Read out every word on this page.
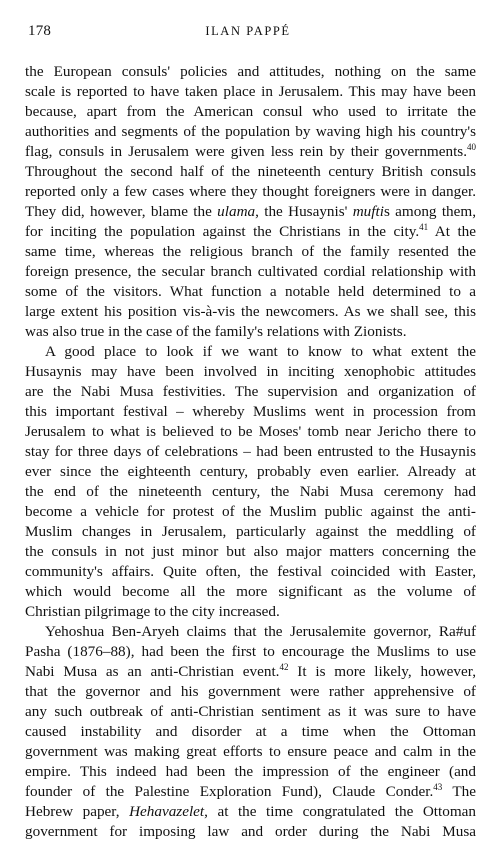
178	ILAN PAPPÉ
the European consuls' policies and attitudes, nothing on the same
scale is reported to have taken place in Jerusalem. This may have been
because, apart from the American consul who used to irritate the
authorities and segments of the population by waving high his country's
flag, consuls in Jerusalem were given less rein by their governments.$^{40}$
Throughout the second half of the nineteenth century British consuls
reported only a few cases where they thought foreigners were in danger.
They did, however, blame the ulama, the Husaynis' muftis among them,
for inciting the population against the Christians in the city.$^{41}$ At the
same time, whereas the religious branch of the family resented the
foreign presence, the secular branch cultivated cordial relationship with
some of the visitors. What function a notable held determined to a
large extent his position vis-à-vis the newcomers. As we shall see, this
was also true in the case of the family's relations with Zionists.
A good place to look if we want to know to what extent the
Husaynis may have been involved in inciting xenophobic attitudes
are the Nabi Musa festivities. The supervision and organization of
this important festival – whereby Muslims went in procession from
Jerusalem to what is believed to be Moses' tomb near Jericho there to
stay for three days of celebrations – had been entrusted to the Husaynis
ever since the eighteenth century, probably even earlier. Already at
the end of the nineteenth century, the Nabi Musa ceremony had
become a vehicle for protest of the Muslim public against the anti-
Muslim changes in Jerusalem, particularly against the meddling of
the consuls in not just minor but also major matters concerning the
community's affairs. Quite often, the festival coincided with Easter,
which would become all the more significant as the volume of
Christian pilgrimage to the city increased.
Yehoshua Ben-Aryeh claims that the Jerusalemite governor, Ra#uf
Pasha (1876–88), had been the first to encourage the Muslims to use
Nabi Musa as an anti-Christian event.$^{42}$ It is more likely, however,
that the governor and his government were rather apprehensive of
any such outbreak of anti-Christian sentiment as it was sure to have
caused instability and disorder at a time when the Ottoman
government was making great efforts to ensure peace and calm in the
empire. This indeed had been the impression of the engineer (and
founder of the Palestine Exploration Fund), Claude Conder.$^{43}$ The
Hebrew paper, Hehavazelet, at the time congratulated the Ottoman
government for imposing law and order during the Nabi Musa
